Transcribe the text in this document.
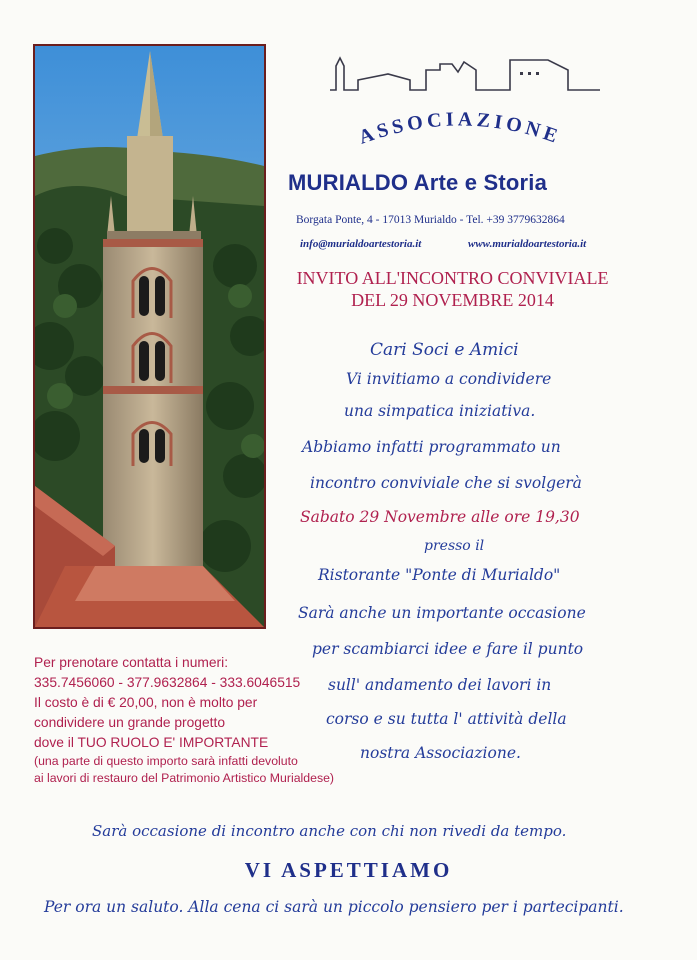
ASSOCIAZIONE
MURIALDO Arte e Storia
Borgata Ponte, 4 - 17013 Murialdo - Tel. +39 3779632864
info@murialdoartestoria.it	www.murialdoartestoria.it
INVITO ALL'INCONTRO CONVIVIALE
DEL 29 NOVEMBRE 2014
Cari Soci e Amici
Vi invitiamo a condividere
una simpatica iniziativa.
Abbiamo infatti programmato un
incontro conviviale che si svolgerà
Sabato 29 Novembre alle ore 19,30
presso il
Ristorante "Ponte di Murialdo"
Sarà anche un importante occasione
per scambiarci idee e fare il punto
sull' andamento dei lavori in
corso e su tutta l' attività della
nostra Associazione.
Per prenotare contatta i numeri:
335.7456060 - 377.9632864 - 333.6046515
Il costo è di € 20,00, non è molto per
condividere un grande progetto
dove il TUO RUOLO E' IMPORTANTE
(una parte di questo importo sarà infatti devoluto
ai lavori di restauro del Patrimonio Artistico Murialdese)
Sarà occasione di incontro anche con chi non rivedi da tempo.
VI ASPETTIAMO
Per ora un saluto. Alla cena ci sarà un piccolo pensiero per i partecipanti.
